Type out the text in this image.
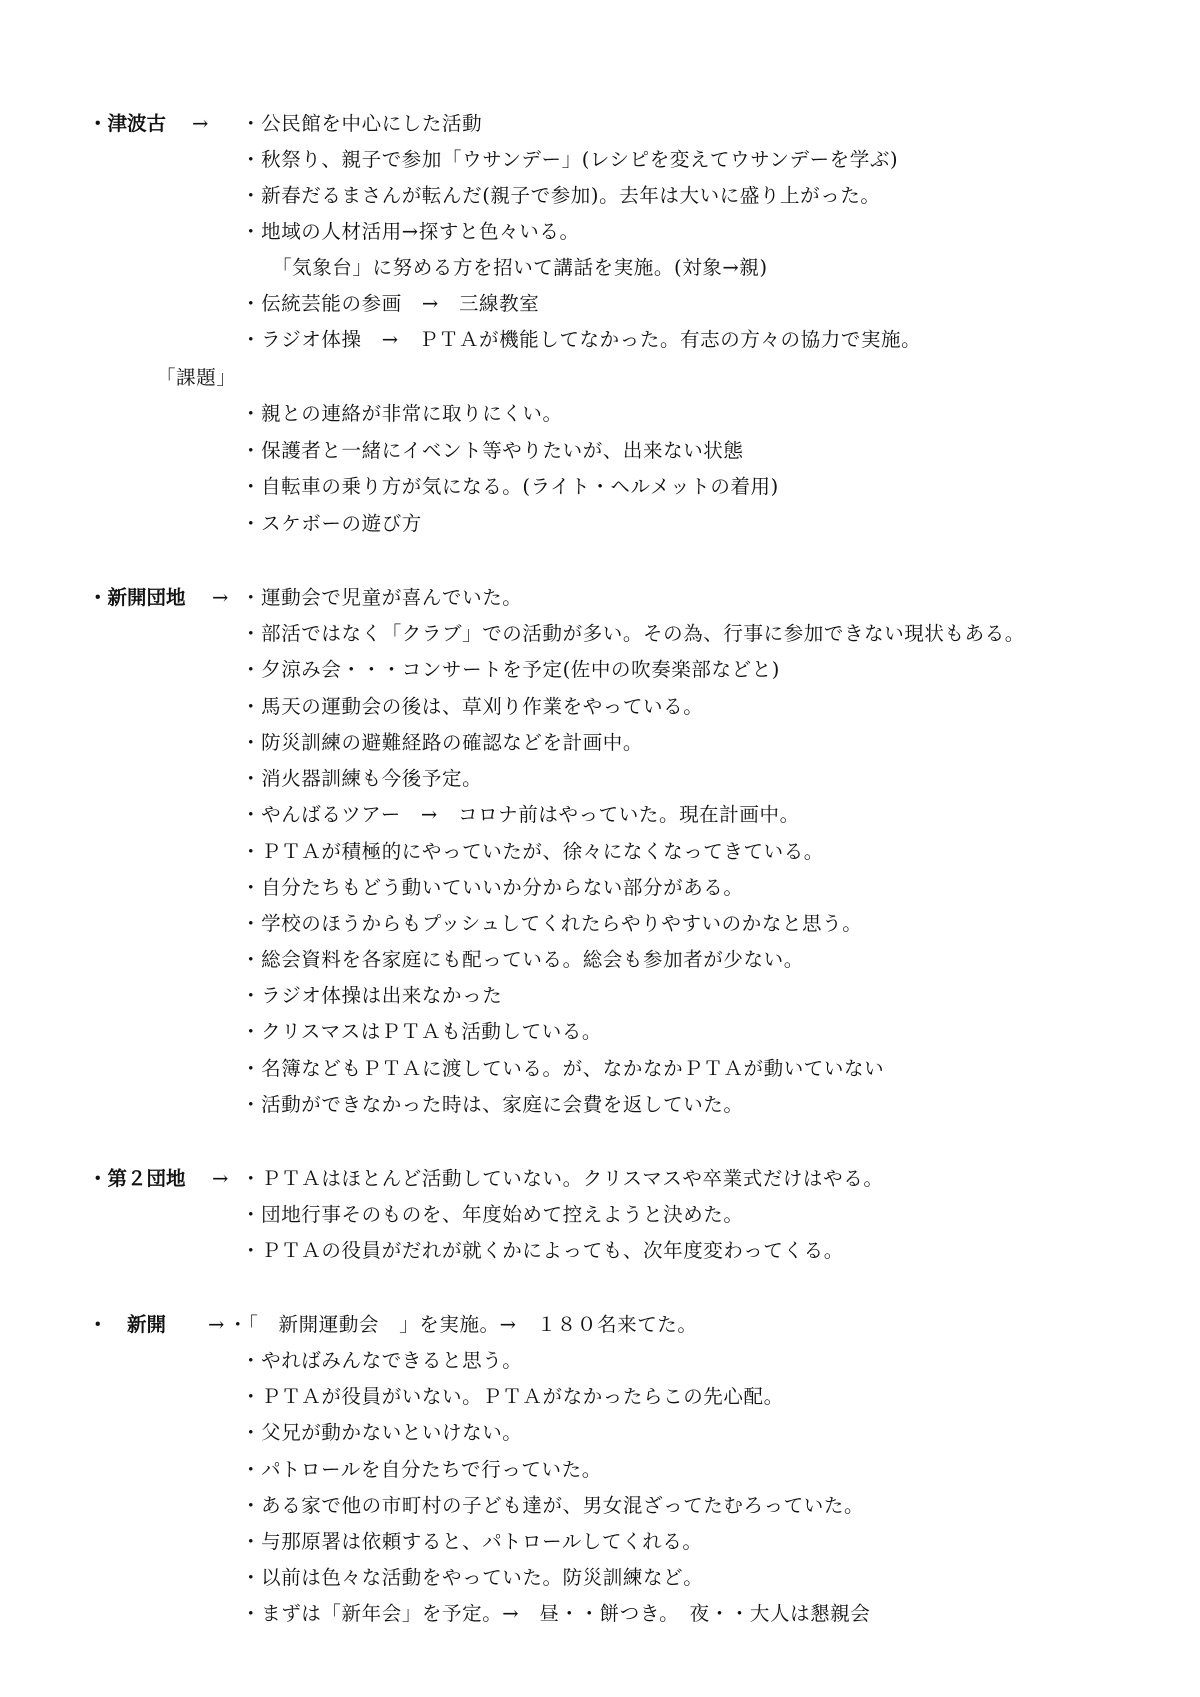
・津波古 → ・公民館を中心にした活動
・秋祭り、親子で参加「ウサンデー」(レシピを変えてウサンデーを学ぶ)
・新春だるまさんが転んだ(親子で参加)。去年は大いに盛り上がった。
・地域の人材活用→探すと色々いる。
「気象台」に努める方を招いて講話を実施。(対象→親)
・伝統芸能の参画　→　三線教室
・ラジオ体操　→　ＰＴＡが機能してなかった。有志の方々の協力で実施。
「課題」
・親との連絡が非常に取りにくい。
・保護者と一緒にイベント等やりたいが、出来ない状態
・自転車の乗り方が気になる。(ライト・ヘルメットの着用)
・スケボーの遊び方
・新開団地 → ・運動会で児童が喜んでいた。
・部活ではなく「クラブ」での活動が多い。その為、行事に参加できない現状もある。
・夕涼み会・・・コンサートを予定(佐中の吹奏楽部などと)
・馬天の運動会の後は、草刈り作業をやっている。
・防災訓練の避難経路の確認などを計画中。
・消火器訓練も今後予定。
・やんばるツアー　→　コロナ前はやっていた。現在計画中。
・ＰＴＡが積極的にやっていたが、徐々になくなってきている。
・自分たちもどう動いていいか分からない部分がある。
・学校のほうからもプッシュしてくれたらやりやすいのかなと思う。
・総会資料を各家庭にも配っている。総会も参加者が少ない。
・ラジオ体操は出来なかった
・クリスマスはＰＴＡも活動している。
・名簿などもＰＴＡに渡している。が、なかなかＰＴＡが動いていない
・活動ができなかった時は、家庭に会費を返していた。
・第２団地 → ・ＰＴＡはほとんど活動していない。クリスマスや卒業式だけはやる。
・団地行事そのものを、年度始めて控えようと決めた。
・ＰＴＡの役員がだれが就くかによっても、次年度変わってくる。
・　新開 → ・「　新開運動会　」を実施。→　１８０名来てた。
・やればみんなできると思う。
・ＰＴＡが役員がいない。ＰＴＡがなかったらこの先心配。
・父兄が動かないといけない。
・パトロールを自分たちで行っていた。
・ある家で他の市町村の子ども達が、男女混ざってたむろっていた。
・与那原署は依頼すると、パトロールしてくれる。
・以前は色々な活動をやっていた。防災訓練など。
・まずは「新年会」を予定。→　昼・・餅つき。　夜・・大人は懇親会
